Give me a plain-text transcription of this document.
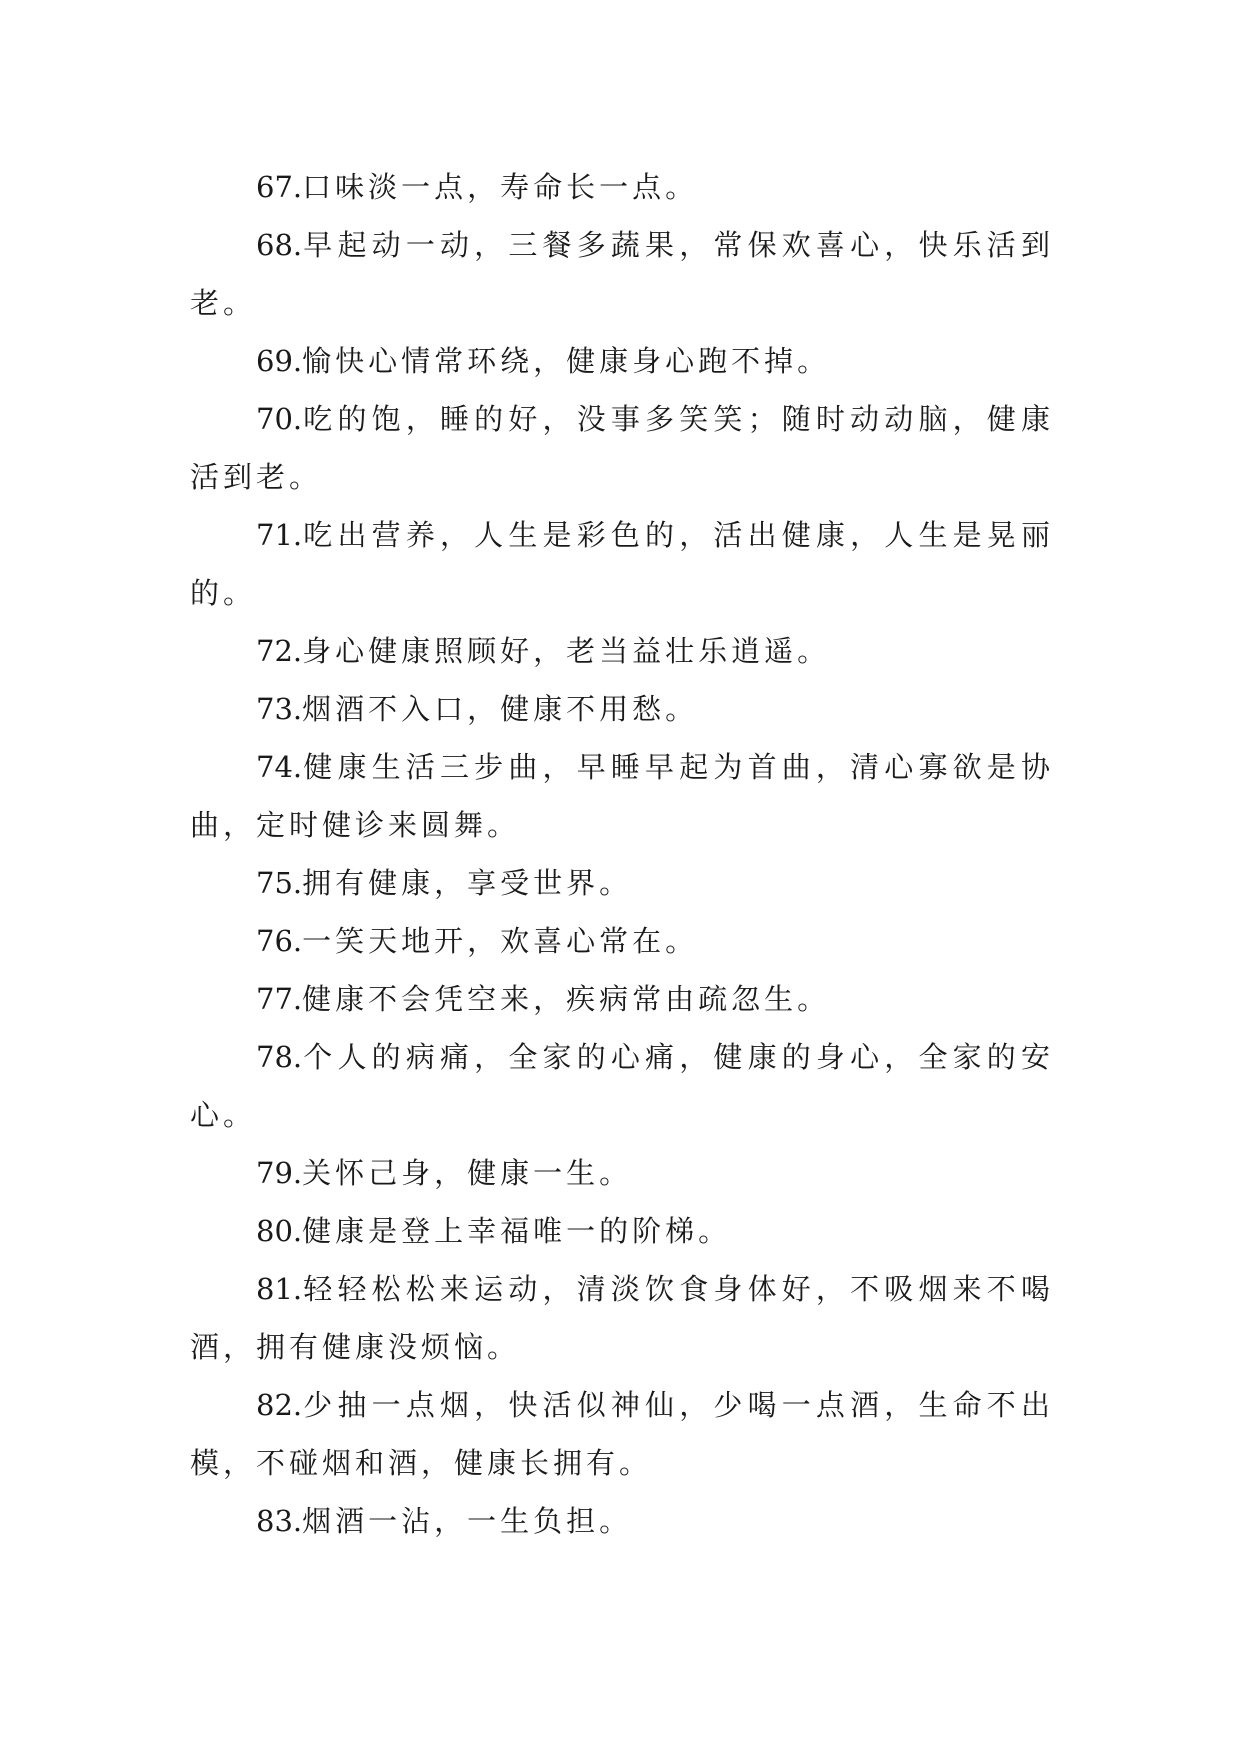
67.口味淡一点，寿命长一点。

68.早起动一动，三餐多蔬果，常保欢喜心，快乐活到老。

69.愉快心情常环绕，健康身心跑不掉。

70.吃的饱，睡的好，没事多笑笑；随时动动脑，健康活到老。

71.吃出营养，人生是彩色的，活出健康，人生是晃丽的。

72.身心健康照顾好，老当益壮乐逍遥。

73.烟酒不入口，健康不用愁。

74.健康生活三步曲，早睡早起为首曲，清心寡欲是协曲，定时健诊来圆舞。

75.拥有健康，享受世界。

76.一笑天地开，欢喜心常在。

77.健康不会凭空来，疾病常由疏忽生。

78.个人的病痛，全家的心痛，健康的身心，全家的安心。

79.关怀己身，健康一生。

80.健康是登上幸福唯一的阶梯。

81.轻轻松松来运动，清淡饮食身体好，不吸烟来不喝酒，拥有健康没烦恼。

82.少抽一点烟，快活似神仙，少喝一点酒，生命不出模，不碰烟和酒，健康长拥有。

83.烟酒一沾，一生负担。
